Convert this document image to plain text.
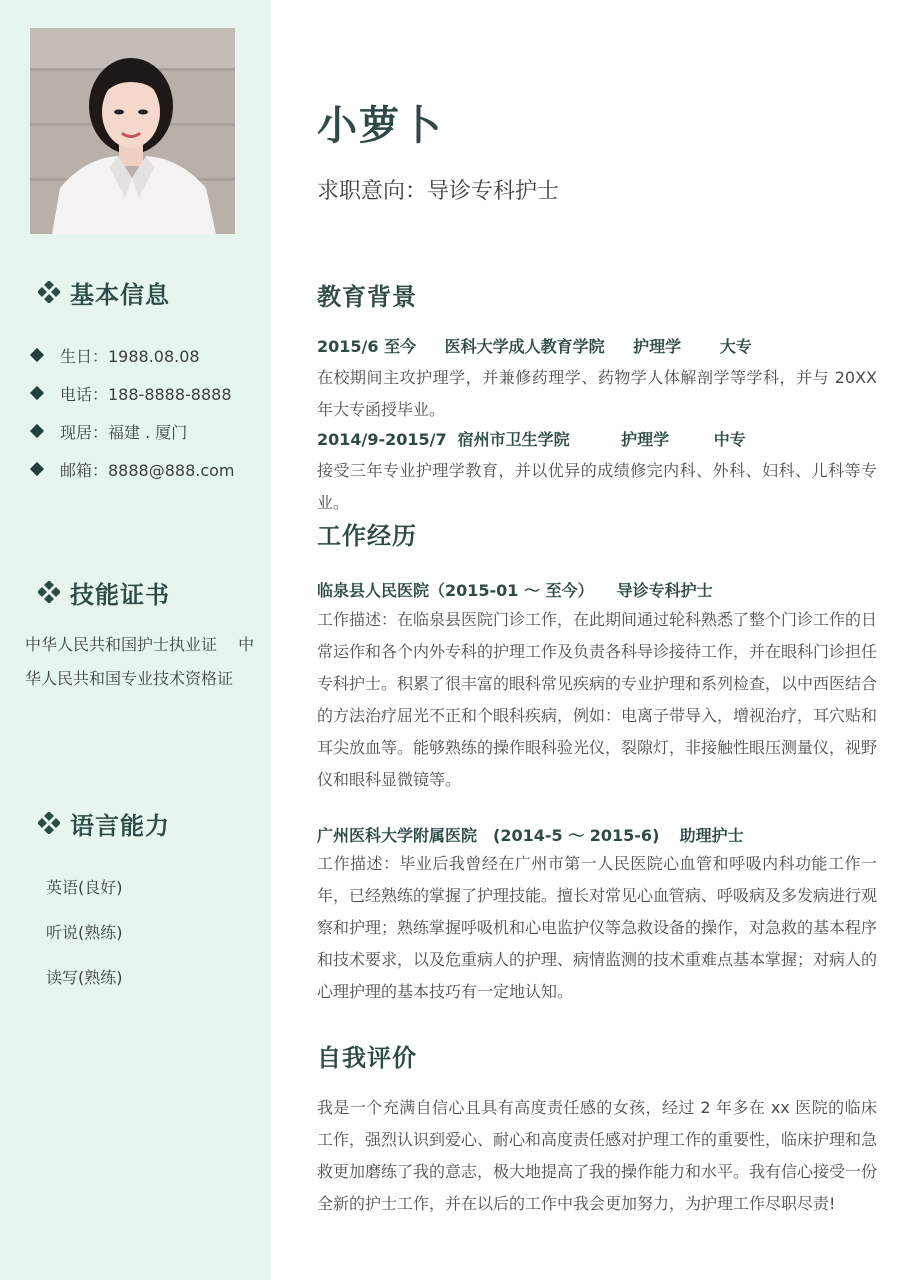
基本信息
生日：1988.08.08
电话：188-8888-8888
现居：福建 . 厦门
邮箱：8888@888.com
技能证书
中华人民共和国护士执业证　 中华人民共和国专业技术资格证
语言能力
英语(良好)
听说(熟练)
读写(熟练)
小萝卜
求职意向：导诊专科护士
教育背景
2015/6 至今 医科大学成人教育学院 护理学 大专
在校期间主攻护理学，并兼修药理学、药物学人体解剖学等学科，并与 20XX 年大专函授毕业。
2014/9-2015/7 宿州市卫生学院	护理学	中专
接受三年专业护理学教育，并以优异的成绩修完内科、外科、妇科、儿科等专业。
工作经历
临泉县人民医院（2015-01 ～ 至今） 导诊专科护士
工作描述：在临泉县医院门诊工作，在此期间通过轮科熟悉了整个门诊工作的日常运作和各个内外专科的护理工作及负责各科导诊接待工作，并在眼科门诊担任专科护士。积累了很丰富的眼科常见疾病的专业护理和系列检查，以中西医结合的方法治疗屈光不正和个眼科疾病，例如：电离子带导入，增视治疗，耳穴贴和耳尖放血等。能够熟练的操作眼科验光仪，裂隙灯，非接触性眼压测量仪，视野仪和眼科显微镜等。
广州医科大学附属医院　(2014-5 ～ 2015-6) 助理护士
工作描述：毕业后我曾经在广州市第一人民医院心血管和呼吸内科功能工作一年，已经熟练的掌握了护理技能。擅长对常见心血管病、呼吸病及多发病进行观察和护理；熟练掌握呼吸机和心电监护仪等急救设备的操作，对急救的基本程序和技术要求，以及危重病人的护理、病情监测的技术重难点基本掌握；对病人的心理护理的基本技巧有一定地认知。
自我评价
我是一个充满自信心且具有高度责任感的女孩，经过 2 年多在 xx 医院的临床工作，强烈认识到爱心、耐心和高度责任感对护理工作的重要性，临床护理和急救更加磨练了我的意志，极大地提高了我的操作能力和水平。我有信心接受一份全新的护士工作，并在以后的工作中我会更加努力，为护理工作尽职尽责!
